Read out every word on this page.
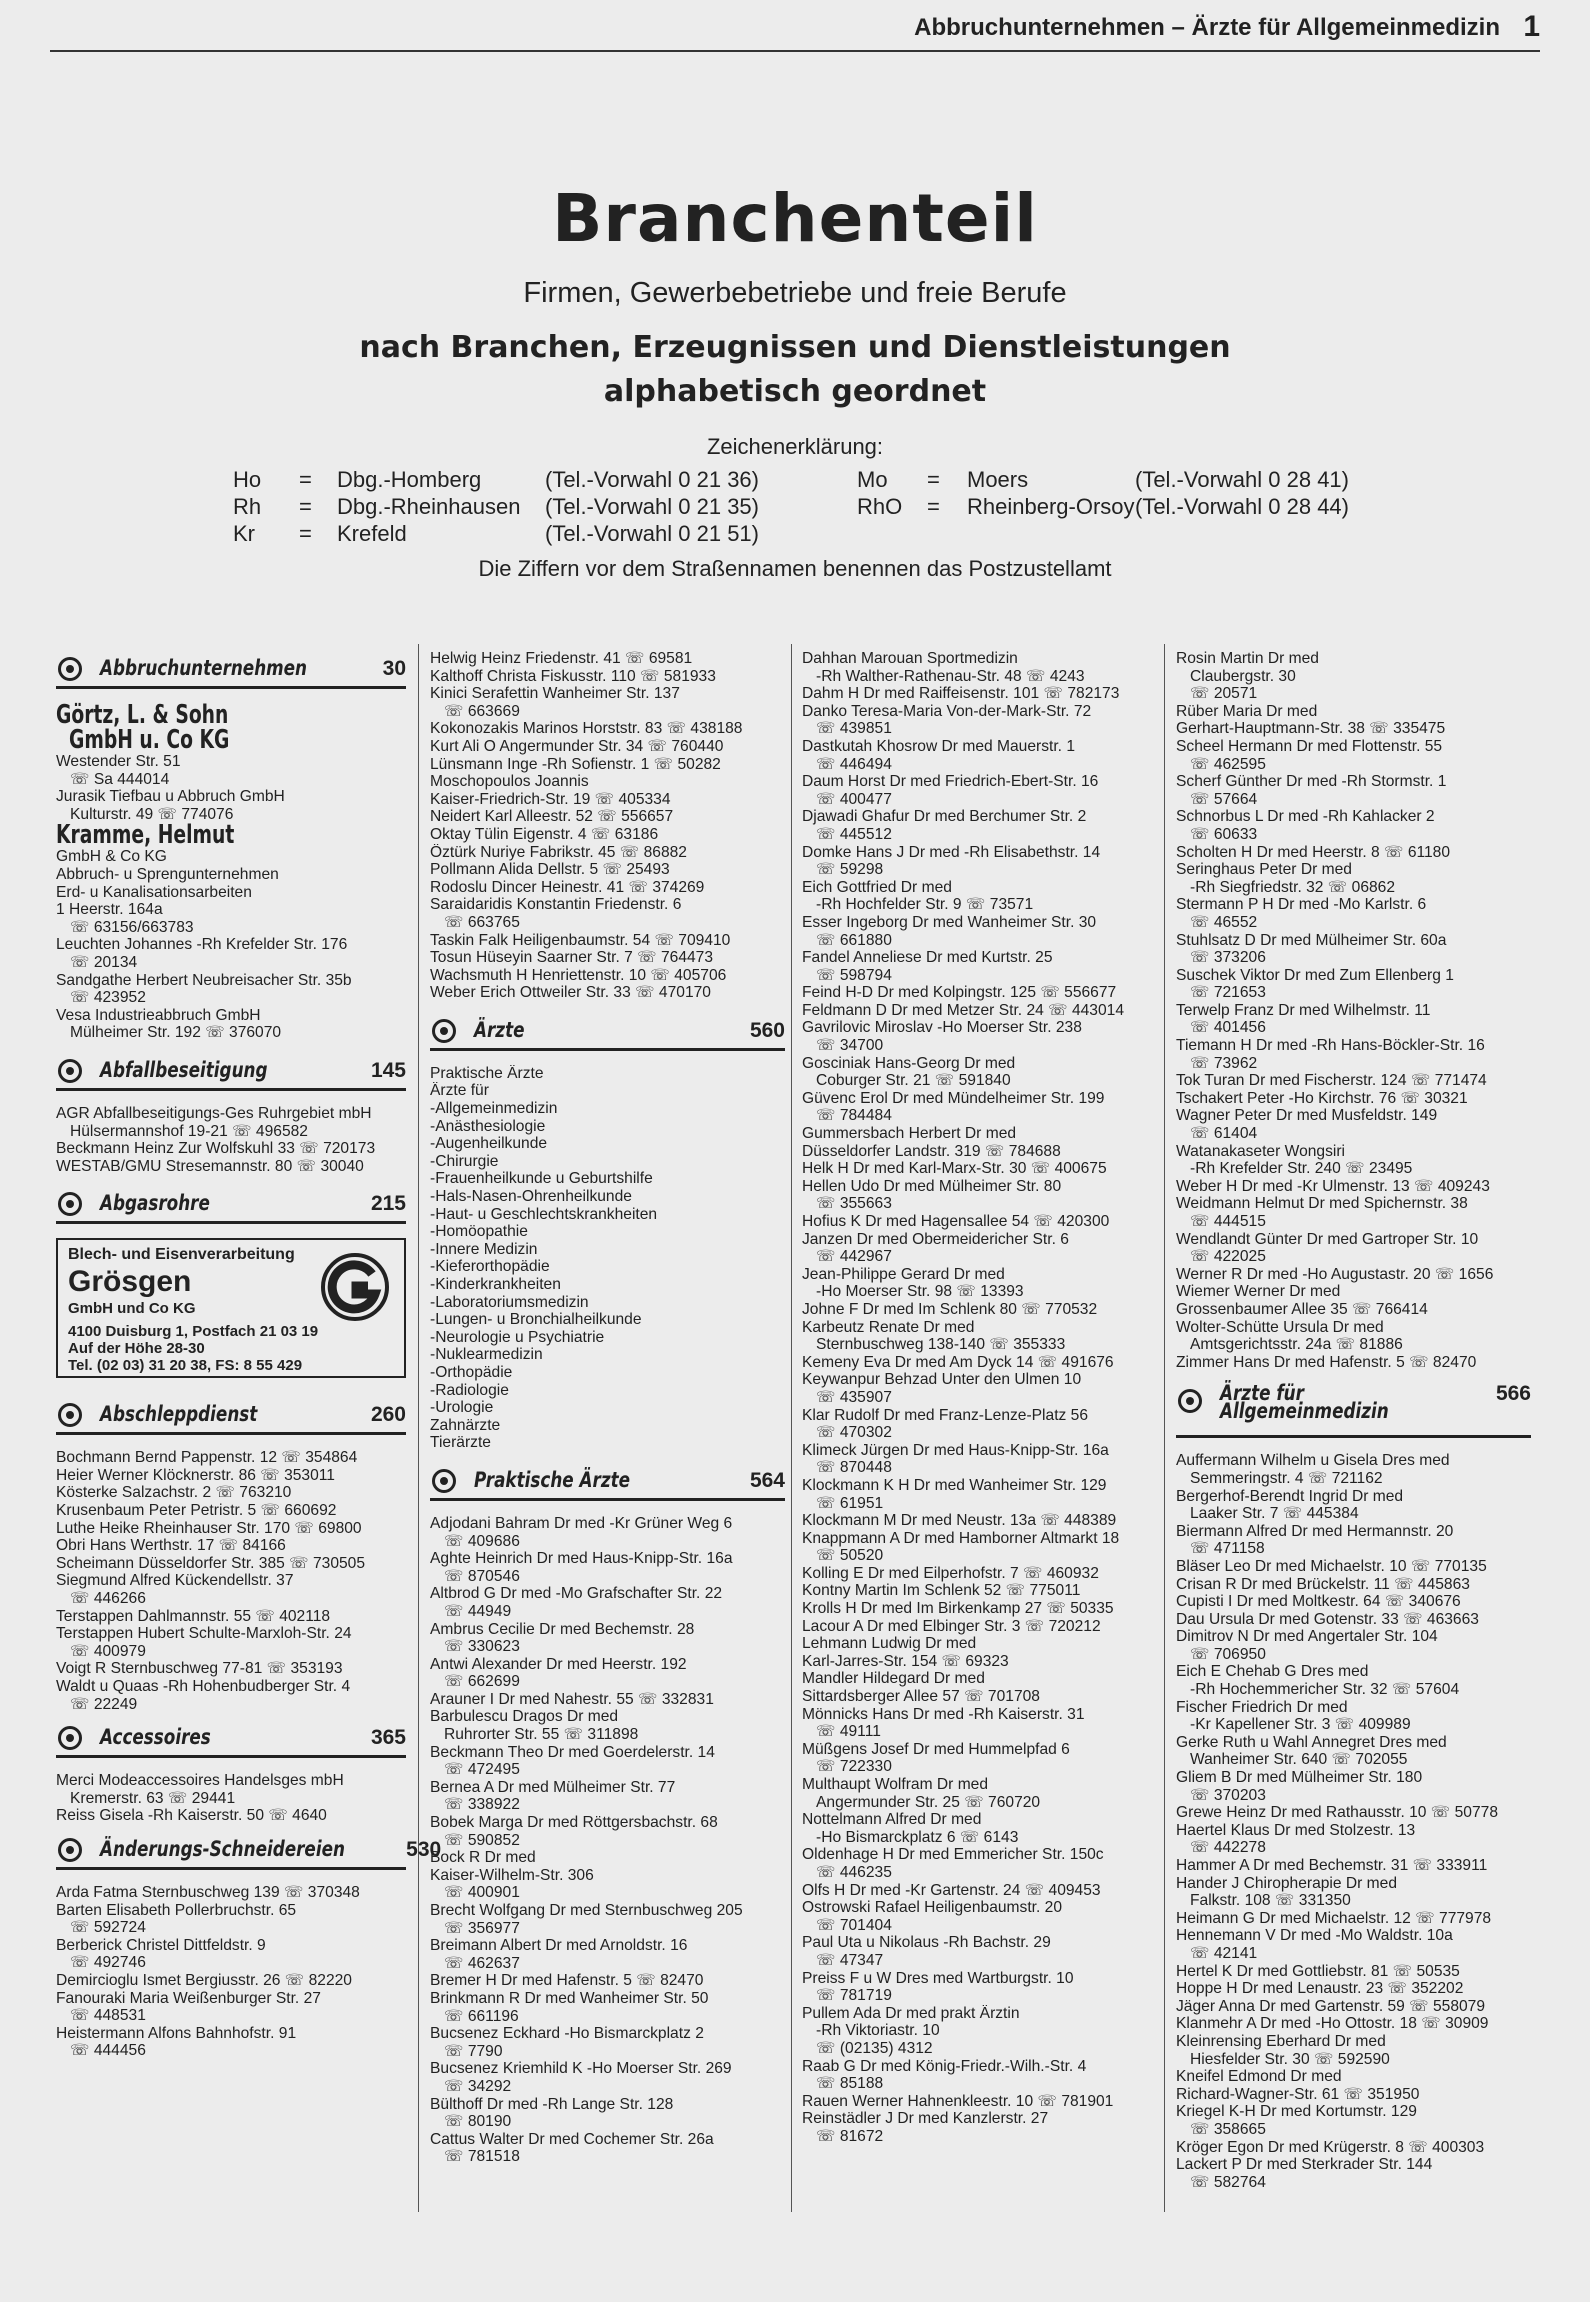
Abbruchunternehmen – Ärzte für Allgemeinmedizin 1
Branchenteil
Firmen, Gewerbebetriebe und freie Berufe
nach Branchen, Erzeugnissen und Dienstleistungen
alphabetisch geordnet
Zeichenerklärung:
Ho	=	Dbg.-Homberg	(Tel.-Vorwahl 0 21 36)
Rh	=	Dbg.-Rheinhausen	(Tel.-Vorwahl 0 21 35)
Kr	=	Krefeld	(Tel.-Vorwahl 0 21 51)
Mo	=	Moers	(Tel.-Vorwahl 0 28 41)
RhO	=	Rheinberg-Orsoy (Tel.-Vorwahl 0 28 44)
Die Ziffern vor dem Straßennamen benennen das Postzustellamt
Abbruchunternehmen	30
Görtz, L. & Sohn
GmbH u. Co KG
Westender Str. 51
☏ Sa 444014
Jurasik Tiefbau u Abbruch GmbH
Kulturstr. 49 ☏ 774076
Kramme, Helmut
GmbH & Co KG
Abbruch- u Sprengunternehmen
Erd- u Kanalisationsarbeiten
1 Heerstr. 164a
☏ 63156/663783
Leuchten Johannes -Rh Krefelder Str. 176
☏ 20134
Sandgathe Herbert Neubreisacher Str. 35b
☏ 423952
Vesa Industrieabbruch GmbH
Mülheimer Str. 192 ☏ 376070
Abfallbeseitigung	145
AGR Abfallbeseitigungs-Ges Ruhrgebiet mbH
Hülsermannshof 19-21 ☏ 496582
Beckmann Heinz Zur Wolfskuhl 33 ☏ 720173
WESTAB/GMU Stresemannstr. 80 ☏ 30040
Abgasrohre	215
Blech- und Eisenverarbeitung
Grösgen
GmbH und Co KG
4100 Duisburg 1, Postfach 21 03 19
Auf der Höhe 28-30
Tel. (02 03) 31 20 38, FS: 8 55 429
Abschleppdienst	260
Bochmann Bernd Pappenstr. 12 ☏ 354864
Heier Werner Klöcknerstr. 86 ☏ 353011
Kösterke Salzachstr. 2 ☏ 763210
Krusenbaum Peter Petristr. 5 ☏ 660692
Luthe Heike Rheinhauser Str. 170 ☏ 69800
Obri Hans Werthstr. 17 ☏ 84166
Scheimann Düsseldorfer Str. 385 ☏ 730505
Siegmund Alfred Kückendellstr. 37
☏ 446266
Terstappen Dahlmannstr. 55 ☏ 402118
Terstappen Hubert Schulte-Marxloh-Str. 24
☏ 400979
Voigt R Sternbuschweg 77-81 ☏ 353193
Waldt u Quaas -Rh Hohenbudberger Str. 4
☏ 22249
Accessoires	365
Merci Modeaccessoires Handelsges mbH
Kremerstr. 63 ☏ 29441
Reiss Gisela -Rh Kaiserstr. 50 ☏ 4640
Änderungs-Schneidereien	530
Arda Fatma Sternbuschweg 139 ☏ 370348
Barten Elisabeth Pollerbruchstr. 65
☏ 592724
Berberick Christel Dittfeldstr. 9
☏ 492746
Demircioglu Ismet Bergiusstr. 26 ☏ 82220
Fanouraki Maria Weißenburger Str. 27
☏ 448531
Heistermann Alfons Bahnhofstr. 91
☏ 444456
Helwig Heinz Friedenstr. 41 ☏ 69581
Kalthoff Christa Fiskusstr. 110 ☏ 581933
Kinici Serafettin Wanheimer Str. 137
☏ 663669
Kokonozakis Marinos Horststr. 83 ☏ 438188
Kurt Ali O Angermunder Str. 34 ☏ 760440
Lünsmann Inge -Rh Sofienstr. 1 ☏ 50282
Moschopoulos Joannis
Kaiser-Friedrich-Str. 19 ☏ 405334
Neidert Karl Alleestr. 52 ☏ 556657
Oktay Tülin Eigenstr. 4 ☏ 63186
Öztürk Nuriye Fabrikstr. 45 ☏ 86882
Pollmann Alida Dellstr. 5 ☏ 25493
Rodoslu Dincer Heinestr. 41 ☏ 374269
Saraidaridis Konstantin Friedenstr. 6
☏ 663765
Taskin Falk Heiligenbaumstr. 54 ☏ 709410
Tosun Hüseyin Saarner Str. 7 ☏ 764473
Wachsmuth H Henriettenstr. 10 ☏ 405706
Weber Erich Ottweiler Str. 33 ☏ 470170
Ärzte	560
Praktische Ärzte
Ärzte für
-Allgemeinmedizin
-Anästhesiologie
-Augenheilkunde
-Chirurgie
-Frauenheilkunde u Geburtshilfe
-Hals-Nasen-Ohrenheilkunde
-Haut- u Geschlechtskrankheiten
-Homöopathie
-Innere Medizin
-Kieferorthopädie
-Kinderkrankheiten
-Laboratoriumsmedizin
-Lungen- u Bronchialheilkunde
-Neurologie u Psychiatrie
-Nuklearmedizin
-Orthopädie
-Radiologie
-Urologie
Zahnärzte
Tierärzte
Praktische Ärzte	564
Adjodani Bahram Dr med -Kr Grüner Weg 6
☏ 409686
Aghte Heinrich Dr med Haus-Knipp-Str. 16a
☏ 870546
Altbrod G Dr med -Mo Grafschafter Str. 22
☏ 44949
Ambrus Cecilie Dr med Bechemstr. 28
☏ 330623
Antwi Alexander Dr med Heerstr. 192
☏ 662699
Arauner I Dr med Nahestr. 55 ☏ 332831
Barbulescu Dragos Dr med
Ruhrorter Str. 55 ☏ 311898
Beckmann Theo Dr med Goerdelerstr. 14
☏ 472495
Bernea A Dr med Mülheimer Str. 77
☏ 338922
Bobek Marga Dr med Röttgersbachstr. 68
☏ 590852
Bock R Dr med
Kaiser-Wilhelm-Str. 306
☏ 400901
Brecht Wolfgang Dr med Sternbuschweg 205
☏ 356977
Breimann Albert Dr med Arnoldstr. 16
☏ 462637
Bremer H Dr med Hafenstr. 5 ☏ 82470
Brinkmann R Dr med Wanheimer Str. 50
☏ 661196
Bucsenez Eckhard -Ho Bismarckplatz 2
☏ 7790
Bucsenez Kriemhild K -Ho Moerser Str. 269
☏ 34292
Bülthoff Dr med -Rh Lange Str. 128
☏ 80190
Cattus Walter Dr med Cochemer Str. 26a
☏ 781518
Dahhan Marouan Sportmedizin
-Rh Walther-Rathenau-Str. 48 ☏ 4243
Dahm H Dr med Raiffeisenstr. 101 ☏ 782173
Danko Teresa-Maria Von-der-Mark-Str. 72
☏ 439851
Dastkutah Khosrow Dr med Mauerstr. 1
☏ 446494
Daum Horst Dr med Friedrich-Ebert-Str. 16
☏ 400477
Djawadi Ghafur Dr med Berchumer Str. 2
☏ 445512
Domke Hans J Dr med -Rh Elisabethstr. 14
☏ 59298
Eich Gottfried Dr med
-Rh Hochfelder Str. 9 ☏ 73571
Esser Ingeborg Dr med Wanheimer Str. 30
☏ 661880
Fandel Anneliese Dr med Kurtstr. 25
☏ 598794
Feind H-D Dr med Kolpingstr. 125 ☏ 556677
Feldmann D Dr med Metzer Str. 24 ☏ 443014
Gavrilovic Miroslav -Ho Moerser Str. 238
☏ 34700
Gosciniak Hans-Georg Dr med
Coburger Str. 21 ☏ 591840
Güvenc Erol Dr med Mündelheimer Str. 199
☏ 784484
Gummersbach Herbert Dr med
Düsseldorfer Landstr. 319 ☏ 784688
Helk H Dr med Karl-Marx-Str. 30 ☏ 400675
Hellen Udo Dr med Mülheimer Str. 80
☏ 355663
Hofius K Dr med Hagensallee 54 ☏ 420300
Janzen Dr med Obermeidericher Str. 6
☏ 442967
Jean-Philippe Gerard Dr med
-Ho Moerser Str. 98 ☏ 13393
Johne F Dr med Im Schlenk 80 ☏ 770532
Karbeutz Renate Dr med
Sternbuschweg 138-140 ☏ 355333
Kemeny Eva Dr med Am Dyck 14 ☏ 491676
Keywanpur Behzad Unter den Ulmen 10
☏ 435907
Klar Rudolf Dr med Franz-Lenze-Platz 56
☏ 470302
Klimeck Jürgen Dr med Haus-Knipp-Str. 16a
☏ 870448
Klockmann K H Dr med Wanheimer Str. 129
☏ 61951
Klockmann M Dr med Neustr. 13a ☏ 448389
Knappmann A Dr med Hamborner Altmarkt 18
☏ 50520
Kolling E Dr med Eilperhofstr. 7 ☏ 460932
Kontny Martin Im Schlenk 52 ☏ 775011
Krolls H Dr med Im Birkenkamp 27 ☏ 50335
Lacour A Dr med Elbinger Str. 3 ☏ 720212
Lehmann Ludwig Dr med
Karl-Jarres-Str. 154 ☏ 69323
Mandler Hildegard Dr med
Sittardsberger Allee 57 ☏ 701708
Mönnicks Hans Dr med -Rh Kaiserstr. 31
☏ 49111
Müßgens Josef Dr med Hummelpfad 6
☏ 722330
Multhaupt Wolfram Dr med
Angermunder Str. 25 ☏ 760720
Nottelmann Alfred Dr med
-Ho Bismarckplatz 6 ☏ 6143
Oldenhage H Dr med Emmericher Str. 150c
☏ 446235
Olfs H Dr med -Kr Gartenstr. 24 ☏ 409453
Ostrowski Rafael Heiligenbaumstr. 20
☏ 701404
Paul Uta u Nikolaus -Rh Bachstr. 29
☏ 47347
Preiss F u W Dres med Wartburgstr. 10
☏ 781719
Pullem Ada Dr med prakt Ärztin
-Rh Viktoriastr. 10
☏ (02135) 4312
Raab G Dr med König-Friedr.-Wilh.-Str. 4
☏ 85188
Rauen Werner Hahnenkleestr. 10 ☏ 781901
Reinstädler J Dr med Kanzlerstr. 27
☏ 81672
Rosin Martin Dr med
Claubergstr. 30
☏ 20571
Rüber Maria Dr med
Gerhart-Hauptmann-Str. 38 ☏ 335475
Scheel Hermann Dr med Flottenstr. 55
☏ 462595
Scherf Günther Dr med -Rh Stormstr. 1
☏ 57664
Schnorbus L Dr med -Rh Kahlacker 2
☏ 60633
Scholten H Dr med Heerstr. 8 ☏ 61180
Seringhaus Peter Dr med
-Rh Siegfriedstr. 32 ☏ 06862
Stermann P H Dr med -Mo Karlstr. 6
☏ 46552
Stuhlsatz D Dr med Mülheimer Str. 60a
☏ 373206
Suschek Viktor Dr med Zum Ellenberg 1
☏ 721653
Terwelp Franz Dr med Wilhelmstr. 11
☏ 401456
Tiemann H Dr med -Rh Hans-Böckler-Str. 16
☏ 73962
Tok Turan Dr med Fischerstr. 124 ☏ 771474
Tschakert Peter -Ho Kirchstr. 76 ☏ 30321
Wagner Peter Dr med Musfeldstr. 149
☏ 61404
Watanakaseter Wongsiri
-Rh Krefelder Str. 240 ☏ 23495
Weber H Dr med -Kr Ulmenstr. 13 ☏ 409243
Weidmann Helmut Dr med Spichernstr. 38
☏ 444515
Wendlandt Günter Dr med Gartroper Str. 10
☏ 422025
Werner R Dr med -Ho Augustastr. 20 ☏ 1656
Wiemer Werner Dr med
Grossenbaumer Allee 35 ☏ 766414
Wolter-Schütte Ursula Dr med
Amtsgerichtsstr. 24a ☏ 81886
Zimmer Hans Dr med Hafenstr. 5 ☏ 82470
Ärzte für
Allgemeinmedizin
566
Auffermann Wilhelm u Gisela Dres med
Semmeringstr. 4 ☏ 721162
Bergerhof-Berendt Ingrid Dr med
Laaker Str. 7 ☏ 445384
Biermann Alfred Dr med Hermannstr. 20
☏ 471158
Bläser Leo Dr med Michaelstr. 10 ☏ 770135
Crisan R Dr med Brückelstr. 11 ☏ 445863
Cupisti I Dr med Moltkestr. 64 ☏ 340676
Dau Ursula Dr med Gotenstr. 33 ☏ 463663
Dimitrov N Dr med Angertaler Str. 104
☏ 706950
Eich E Chehab G Dres med
-Rh Hochemmericher Str. 32 ☏ 57604
Fischer Friedrich Dr med
-Kr Kapellener Str. 3 ☏ 409989
Gerke Ruth u Wahl Annegret Dres med
Wanheimer Str. 640 ☏ 702055
Gliem B Dr med Mülheimer Str. 180
☏ 370203
Grewe Heinz Dr med Rathausstr. 10 ☏ 50778
Haertel Klaus Dr med Stolzestr. 13
☏ 442278
Hammer A Dr med Bechemstr. 31 ☏ 333911
Hander J Chiropherapie Dr med
Falkstr. 108 ☏ 331350
Heimann G Dr med Michaelstr. 12 ☏ 777978
Hennemann V Dr med -Mo Waldstr. 10a
☏ 42141
Hertel K Dr med Gottliebstr. 81 ☏ 50535
Hoppe H Dr med Lenaustr. 23 ☏ 352202
Jäger Anna Dr med Gartenstr. 59 ☏ 558079
Klanmehr A Dr med -Ho Ottostr. 18 ☏ 30909
Kleinrensing Eberhard Dr med
Hiesfelder Str. 30 ☏ 592590
Kneifel Edmond Dr med
Richard-Wagner-Str. 61 ☏ 351950
Kriegel K-H Dr med Kortumstr. 129
☏ 358665
Kröger Egon Dr med Krügerstr. 8 ☏ 400303
Lackert P Dr med Sterkrader Str. 144
☏ 582764
